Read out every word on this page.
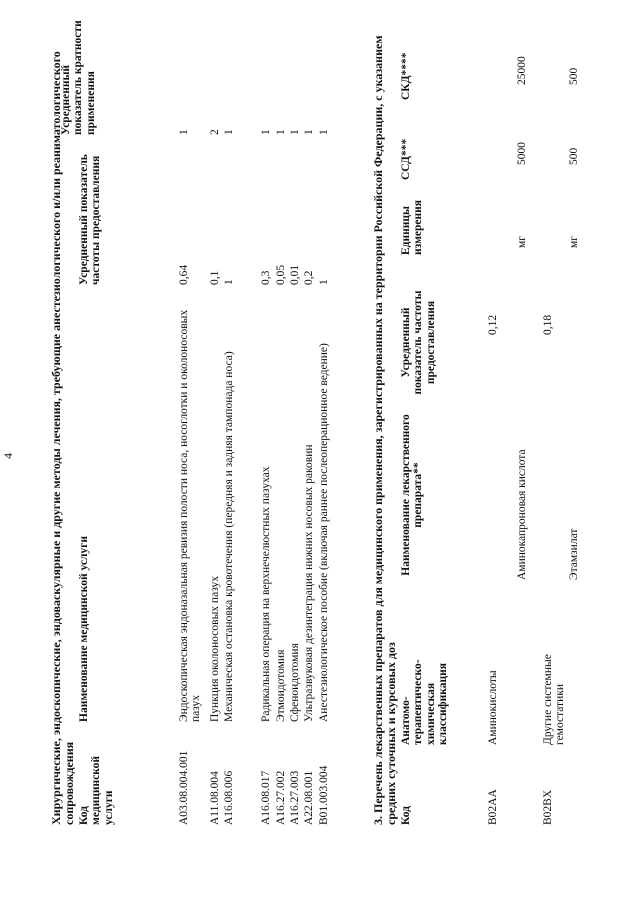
4	Хирургические, эндоскопические, эндоваскулярные и другие методы лечения, требующие анестезиологического и/или реаниматологического сопровождения Код медицинской услуги
Наименование медицинской услуги
Усредненный показатель частоты предоставления
Усредненный показатель кратности применения
A03.08.004.001
Эндоскопическая эндоназальная ревизия полости носа, носоглотки и околоносовых пазух
0,64
1
A11.08.004
Пункция околоносовых пазух
0,1
2
A16.08.006
Механическая остановка кровотечения (передняя и задняя тампонада носа)
1
1
A16.08.017
Радикальная операция на верхнечелюстных пазухах
0,3
1
A16.27.002
Этмоидотомия
0,05
1
A16.27.003
Сфеноидотомия
0,01
1
A22.08.001
Ультразвуковая дезинтеграция нижних носовых раковин
0,2
1
B01.003.004
Анестезиологическое пособие (включая раннее послеоперационное ведение)
1
1	3. Перечень лекарственных препаратов для медицинского применения, зарегистрированных на территории Российской Федерации, с указанием средних суточных и курсовых доз Код
Анатомо-терапевтическо-химическая классификация
Наименование лекарственного препарата**
Усредненный показатель частоты предоставления
Единицы измерения
ССД***
СКД****
B02AA
Аминокислоты
0,12
Аминокапроновая кислота
мг
5000
25000
B02BX
Другие системные гемостатики
0,18
Этамзилат
мг
500
500
